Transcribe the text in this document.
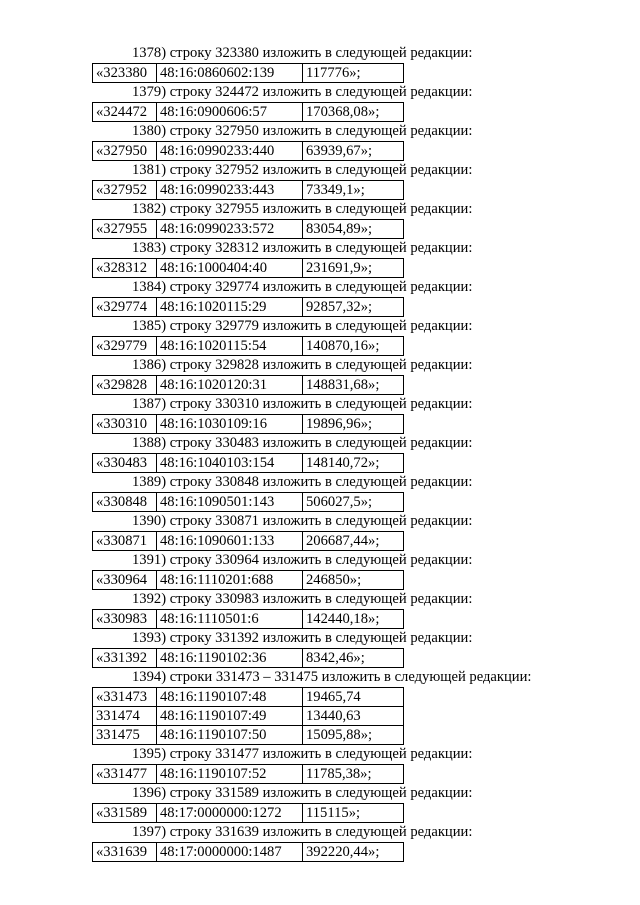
1378) строку 323380 изложить в следующей редакции:
«323380	48:16:0860602:139	117776»;
1379) строку 324472 изложить в следующей редакции:
«324472	48:16:0900606:57	170368,08»;
1380) строку 327950 изложить в следующей редакции:
«327950	48:16:0990233:440	63939,67»;
1381) строку 327952 изложить в следующей редакции:
«327952	48:16:0990233:443	73349,1»;
1382) строку 327955 изложить в следующей редакции:
«327955	48:16:0990233:572	83054,89»;
1383) строку 328312 изложить в следующей редакции:
«328312	48:16:1000404:40	231691,9»;
1384) строку 329774 изложить в следующей редакции:
«329774	48:16:1020115:29	92857,32»;
1385) строку 329779 изложить в следующей редакции:
«329779	48:16:1020115:54	140870,16»;
1386) строку 329828 изложить в следующей редакции:
«329828	48:16:1020120:31	148831,68»;
1387) строку 330310 изложить в следующей редакции:
«330310	48:16:1030109:16	19896,96»;
1388) строку 330483 изложить в следующей редакции:
«330483	48:16:1040103:154	148140,72»;
1389) строку 330848 изложить в следующей редакции:
«330848	48:16:1090501:143	506027,5»;
1390) строку 330871 изложить в следующей редакции:
«330871	48:16:1090601:133	206687,44»;
1391) строку 330964 изложить в следующей редакции:
«330964	48:16:1110201:688	246850»;
1392) строку 330983 изложить в следующей редакции:
«330983	48:16:1110501:6	142440,18»;
1393) строку 331392 изложить в следующей редакции:
«331392	48:16:1190102:36	8342,46»;
1394) строки 331473 – 331475 изложить в следующей редакции:
«331473	48:16:1190107:48	19465,74
331474	48:16:1190107:49	13440,63
331475	48:16:1190107:50	15095,88»;
1395) строку 331477 изложить в следующей редакции:
«331477	48:16:1190107:52	11785,38»;
1396) строку 331589 изложить в следующей редакции:
«331589	48:17:0000000:1272	115115»;
1397) строку 331639 изложить в следующей редакции:
«331639	48:17:0000000:1487	392220,44»;
